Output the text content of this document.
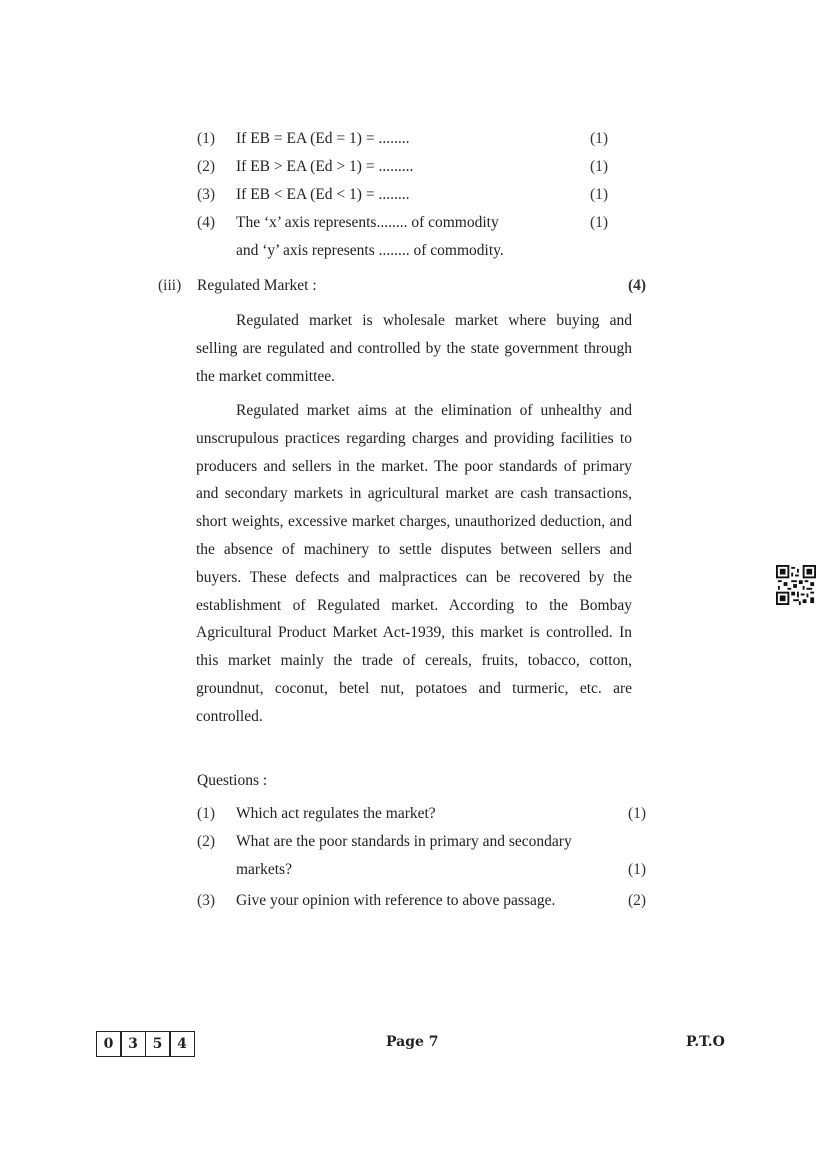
(1) If EB = EA (Ed = 1) = ........	(1)
(2) If EB > EA (Ed > 1) = .........	(1)
(3) If EB < EA (Ed < 1) = ........	(1)
(4) The ‘x’ axis represents........ of commodity	(1)
and ‘y’ axis represents ........ of commodity.
(iii) Regulated Market :	(4)

Regulated market is wholesale market where buying and selling are regulated and controlled by the state government through the market committee.

Regulated market aims at the elimination of unhealthy and unscrupulous practices regarding charges and providing facilities to producers and sellers in the market. The poor standards of primary and secondary markets in agricultural market are cash transactions, short weights, excessive market charges, unauthorized deduction, and the absence of machinery to settle disputes between sellers and buyers. These defects and malpractices can be recovered by the establishment of Regulated market. According to the Bombay Agricultural Product Market Act-1939, this market is controlled. In this market mainly the trade of cereals, fruits, tobacco, cotton, groundnut, coconut, betel nut, potatoes and turmeric, etc. are controlled.

Questions :
(1) Which act regulates the market?	(1)
(2) What are the poor standards in primary and secondary
markets?	(1)
(3) Give your opinion with reference to above passage.	(2)
0	3	5	4	Page 7	P.T.O
